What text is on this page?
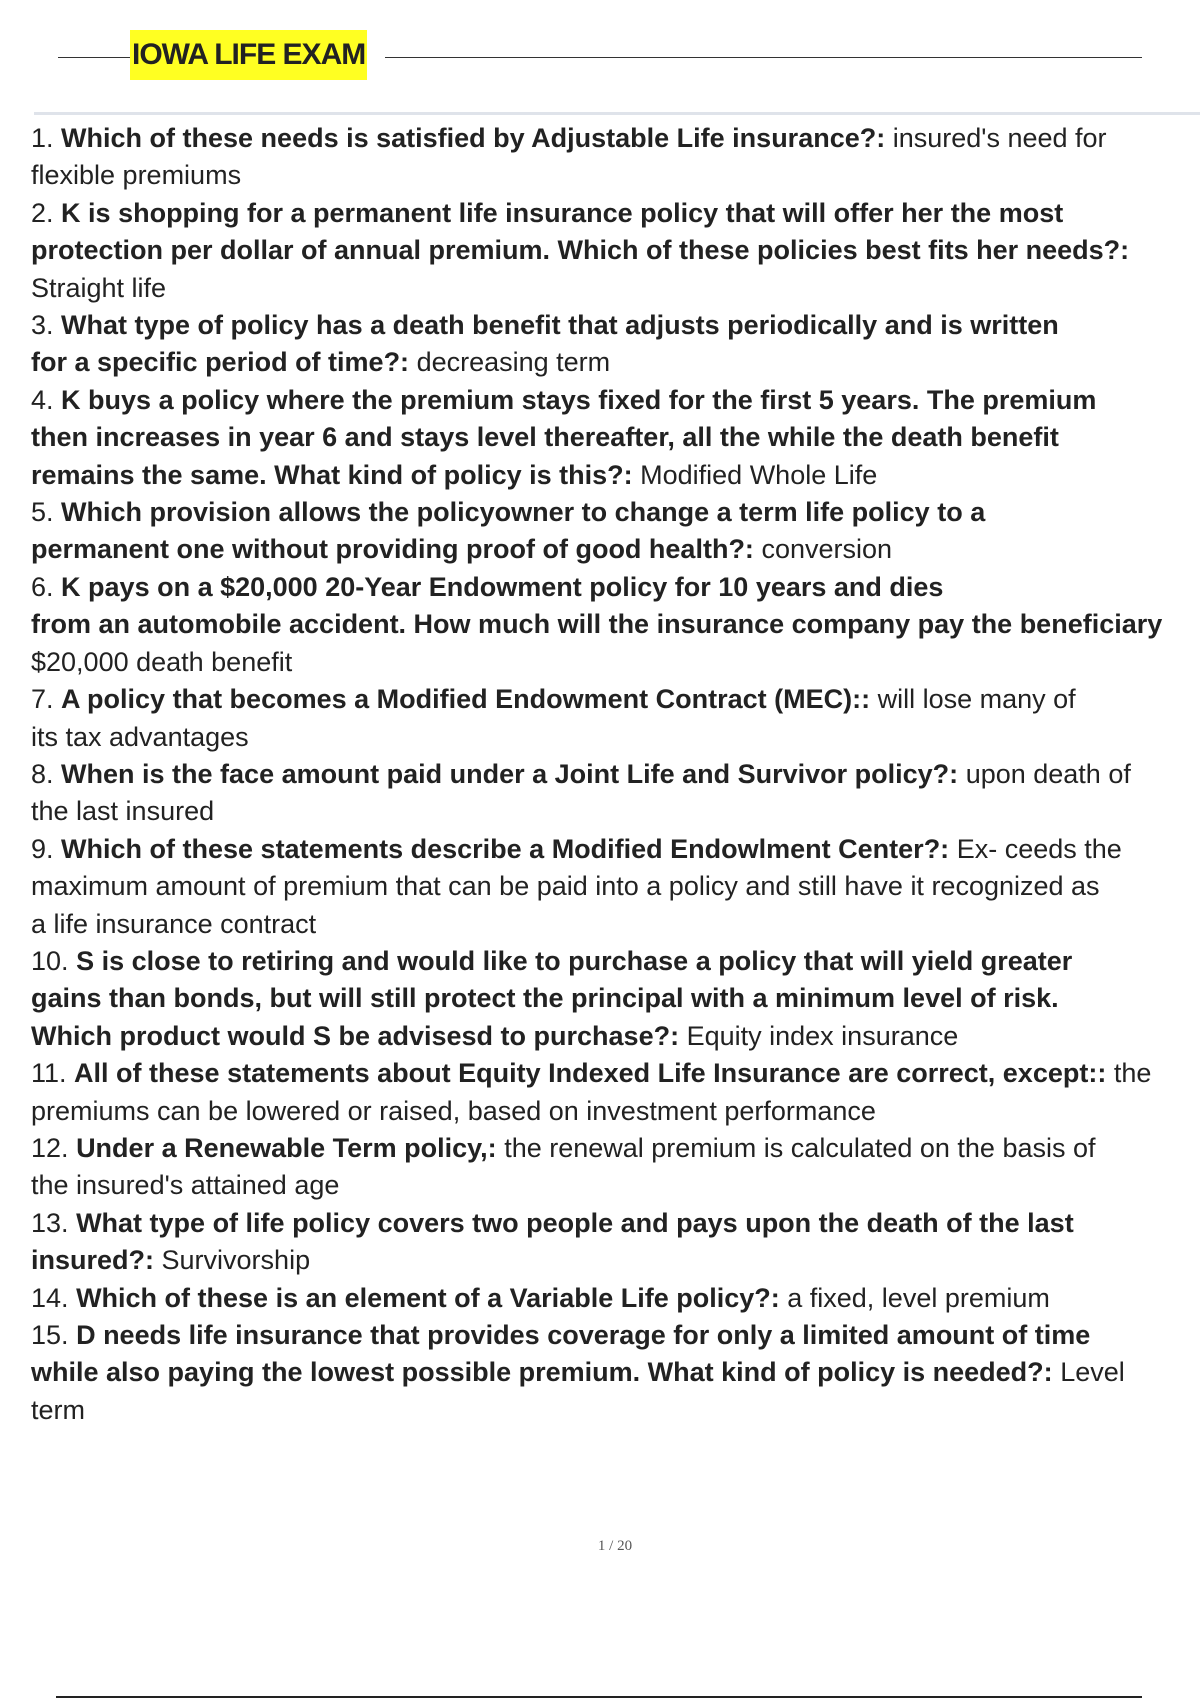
IOWA LIFE EXAM
1. Which of these needs is satisfied by Adjustable Life insurance?: insured's need for
flexible premiums
2. K is shopping for a permanent life insurance policy that will offer her the most
protection per dollar of annual premium. Which of these policies best fits her needs?:
Straight life
3. What type of policy has a death benefit that adjusts periodically and is written
for a specific period of time?: decreasing term
4. K buys a policy where the premium stays fixed for the first 5 years. The premium
then increases in year 6 and stays level thereafter, all the while the death benefit
remains the same. What kind of policy is this?: Modified Whole Life
5. Which provision allows the policyowner to change a term life policy to a
permanent one without providing proof of good health?: conversion
6. K pays on a $20,000 20-Year Endowment policy for 10 years and dies
from an automobile accident. How much will the insurance company pay the beneficiary
$20,000 death benefit
7. A policy that becomes a Modified Endowment Contract (MEC):: will lose many of
its tax advantages
8. When is the face amount paid under a Joint Life and Survivor policy?: upon death of
the last insured
9. Which of these statements describe a Modified Endowlment Center?: Ex- ceeds the
maximum amount of premium that can be paid into a policy and still have it recognized as
a life insurance contract
10. S is close to retiring and would like to purchase a policy that will yield greater
gains than bonds, but will still protect the principal with a minimum level of risk.
Which product would S be advisesd to purchase?: Equity index insurance
11. All of these statements about Equity Indexed Life Insurance are correct, except:: the
premiums can be lowered or raised, based on investment performance
12. Under a Renewable Term policy,: the renewal premium is calculated on the basis of
the insured's attained age
13. What type of life policy covers two people and pays upon the death of the last
insured?: Survivorship
14. Which of these is an element of a Variable Life policy?: a fixed, level premium
15. D needs life insurance that provides coverage for only a limited amount of time
while also paying the lowest possible premium. What kind of policy is needed?: Level
term
1 / 20
